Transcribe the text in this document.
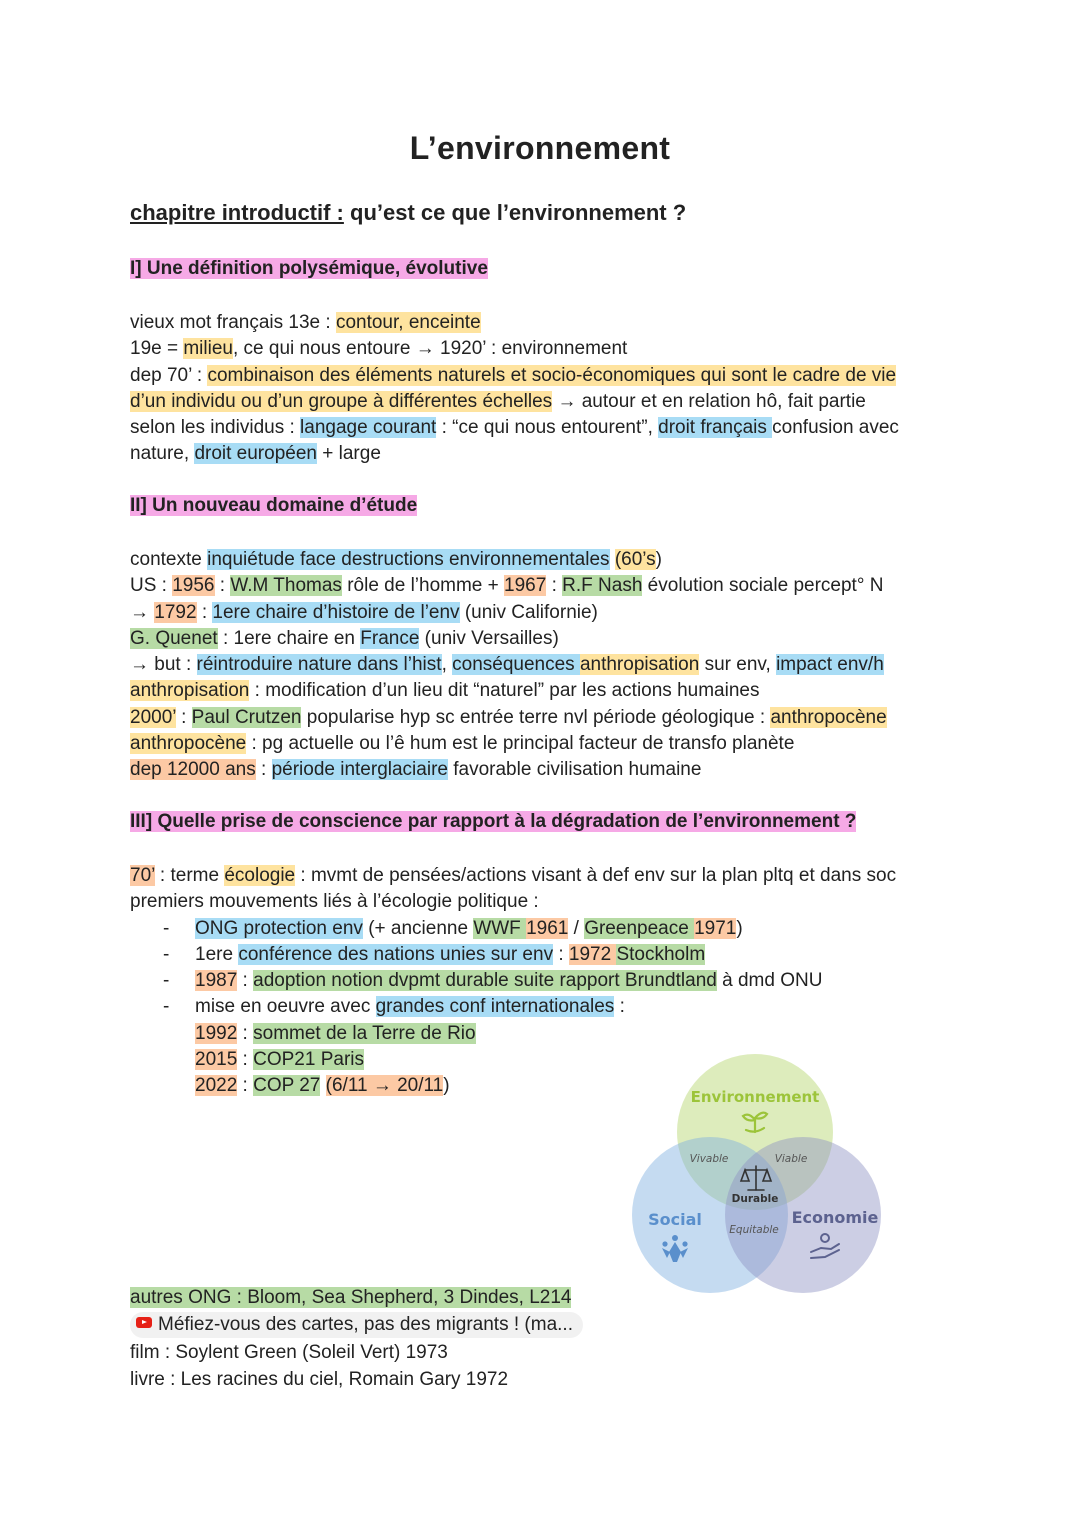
L’environnement
chapitre introductif : qu’est ce que l’environnement ?
I] Une définition polysémique, évolutive
vieux mot français 13e : contour, enceinte
19e = milieu, ce qui nous entoure → 1920’ : environnement
dep 70’ : combinaison des éléments naturels et socio-économiques qui sont le cadre de vie
d’un individu ou d’un groupe à différentes échelles → autour et en relation hô, fait partie
selon les individus : langage courant : “ce qui nous entourent”, droit français confusion avec
nature, droit européen + large
II] Un nouveau domaine d’étude
contexte inquiétude face destructions environnementales (60’s)
US : 1956 : W.M Thomas rôle de l’homme + 1967 : R.F Nash évolution sociale percept° N
→ 1792 : 1ere chaire d’histoire de l’env (univ Californie)
G. Quenet : 1ere chaire en France (univ Versailles)
→ but : réintroduire nature dans l’hist, conséquences anthropisation sur env, impact env/h
anthropisation : modification d’un lieu dit “naturel” par les actions humaines
2000’ : Paul Crutzen popularise hyp sc entrée terre nvl période géologique : anthropocène
anthropocène : pg actuelle ou l’ê hum est le principal facteur de transfo planète
dep 12000 ans : période interglaciaire favorable civilisation humaine
III] Quelle prise de conscience par rapport à la dégradation de l’environnement ?
70’ : terme écologie : mvmt de pensées/actions visant à def env sur la plan pltq et dans soc
premiers mouvements liés à l’écologie politique :
- ONG protection env (+ ancienne WWF 1961 / Greenpeace 1971)
- 1ere conférence des nations unies sur env : 1972 Stockholm
- 1987 : adoption notion dvpmt durable suite rapport Brundtland à dmd ONU
- mise en oeuvre avec grandes conf internationales :
1992 : sommet de la Terre de Rio
2015 : COP21 Paris
2022 : COP 27 (6/11 → 20/11)
Environnement
Vivable	Viable
Durable
Equitable
Social	Economie
autres ONG : Bloom, Sea Shepherd, 3 Dindes, L214
Méfiez-vous des cartes, pas des migrants ! (ma...
film : Soylent Green (Soleil Vert) 1973
livre : Les racines du ciel, Romain Gary 1972
